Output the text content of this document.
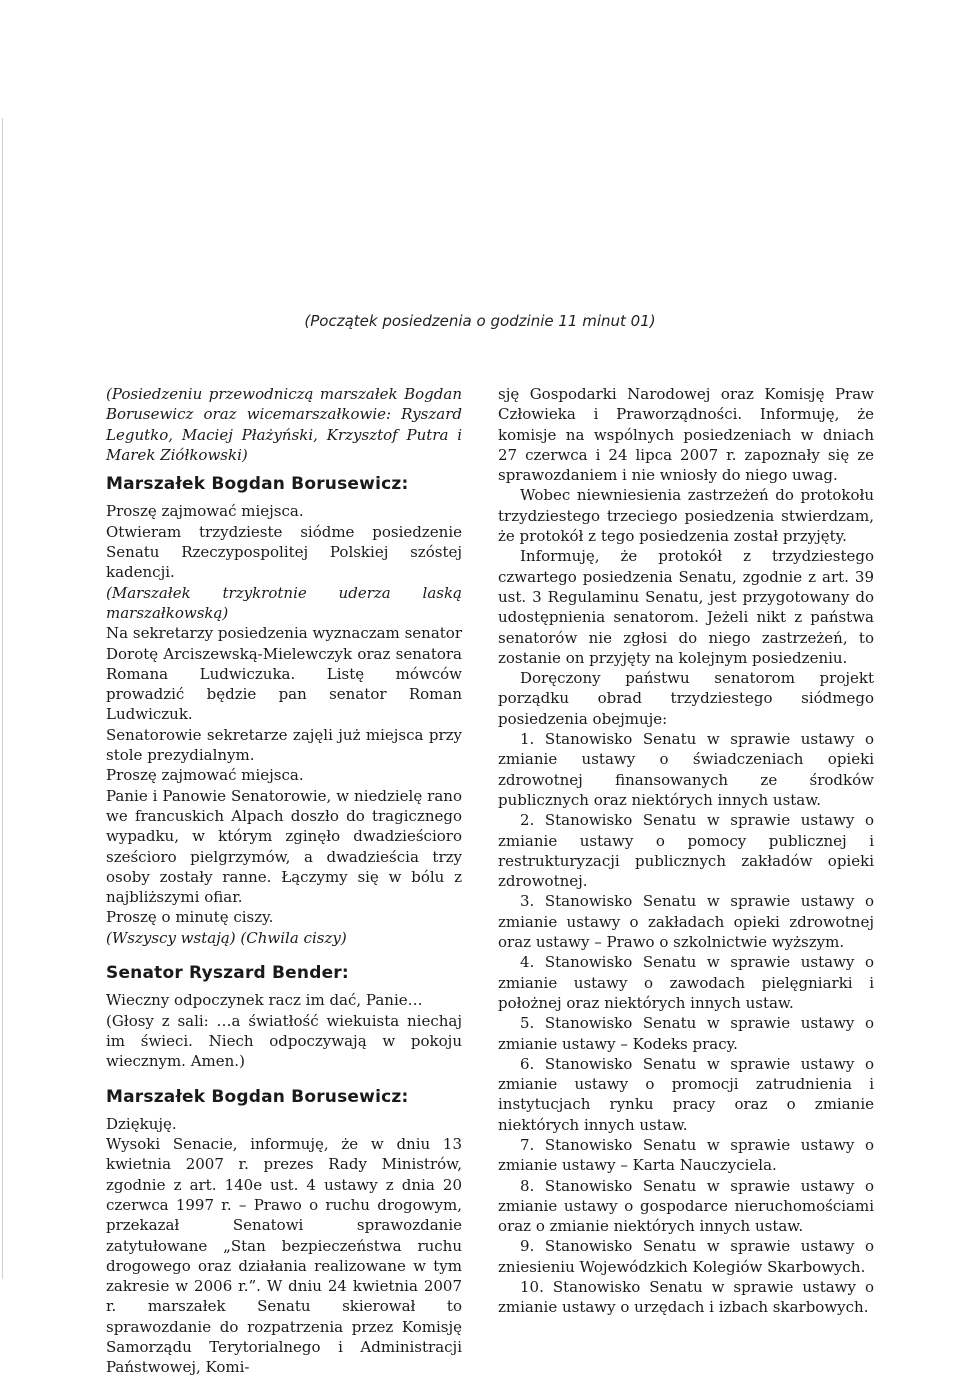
(Początek posiedzenia o godzinie 11 minut 01)

(Posiedzeniu przewodniczą marszałek Bogdan Borusewicz oraz wicemarszałkowie: Ryszard Legutko, Maciej Płażyński, Krzysztof Putra i Marek Ziółkowski)

Marszałek Bogdan Borusewicz:

Proszę zajmować miejsca.

Otwieram trzydzieste siódme posiedzenie Senatu Rzeczypospolitej Polskiej szóstej kadencji.

(Marszałek trzykrotnie uderza laską marszałkowską)

Na sekretarzy posiedzenia wyznaczam senator Dorotę Arciszewską-Mielewczyk oraz senatora Romana Ludwiczuka. Listę mówców prowadzić będzie pan senator Roman Ludwiczuk.

Senatorowie sekretarze zajęli już miejsca przy stole prezydialnym.

Proszę zajmować miejsca.

Panie i Panowie Senatorowie, w niedzielę rano we francuskich Alpach doszło do tragicznego wypadku, w którym zginęło dwadzieścioro sześcioro pielgrzymów, a dwadzieścia trzy osoby zostały ranne. Łączymy się w bólu z najbliższymi ofiar.

Proszę o minutę ciszy.

(Wszyscy wstają) (Chwila ciszy)

Senator Ryszard Bender:

Wieczny odpoczynek racz im dać, Panie…

(Głosy z sali: …a światłość wiekuista niechaj im świeci. Niech odpoczywają w pokoju wiecznym. Amen.)

Marszałek Bogdan Borusewicz:

Dziękuję.

Wysoki Senacie, informuję, że w dniu 13 kwietnia 2007 r. prezes Rady Ministrów, zgodnie z art. 140e ust. 4 ustawy z dnia 20 czerwca 1997 r. – Prawo o ruchu drogowym, przekazał Senatowi sprawozdanie zatytułowane „Stan bezpieczeństwa ruchu drogowego oraz działania realizowane w tym zakresie w 2006 r.”. W dniu 24 kwietnia 2007 r. marszałek Senatu skierował to sprawozdanie do rozpatrzenia przez Komisję Samorządu Terytorialnego i Administracji Państwowej, Komi-

sję Gospodarki Narodowej oraz Komisję Praw Człowieka i Praworządności. Informuję, że komisje na wspólnych posiedzeniach w dniach 27 czerwca i 24 lipca 2007 r. zapoznały się ze sprawozdaniem i nie wniosły do niego uwag.

Wobec niewniesienia zastrzeżeń do protokołu trzydziestego trzeciego posiedzenia stwierdzam, że protokół z tego posiedzenia został przyjęty.

Informuję, że protokół z trzydziestego czwartego posiedzenia Senatu, zgodnie z art. 39 ust. 3 Regulaminu Senatu, jest przygotowany do udostępnienia senatorom. Jeżeli nikt z państwa senatorów nie zgłosi do niego zastrzeżeń, to zostanie on przyjęty na kolejnym posiedzeniu.

Doręczony państwu senatorom projekt porządku obrad trzydziestego siódmego posiedzenia obejmuje:

1. Stanowisko Senatu w sprawie ustawy o zmianie ustawy o świadczeniach opieki zdrowotnej finansowanych ze środków publicznych oraz niektórych innych ustaw.

2. Stanowisko Senatu w sprawie ustawy o zmianie ustawy o pomocy publicznej i restrukturyzacji publicznych zakładów opieki zdrowotnej.

3. Stanowisko Senatu w sprawie ustawy o zmianie ustawy o zakładach opieki zdrowotnej oraz ustawy – Prawo o szkolnictwie wyższym.

4. Stanowisko Senatu w sprawie ustawy o zmianie ustawy o zawodach pielęgniarki i położnej oraz niektórych innych ustaw.

5. Stanowisko Senatu w sprawie ustawy o zmianie ustawy – Kodeks pracy.

6. Stanowisko Senatu w sprawie ustawy o zmianie ustawy o promocji zatrudnienia i instytucjach rynku pracy oraz o zmianie niektórych innych ustaw.

7. Stanowisko Senatu w sprawie ustawy o zmianie ustawy – Karta Nauczyciela.

8. Stanowisko Senatu w sprawie ustawy o zmianie ustawy o gospodarce nieruchomościami oraz o zmianie niektórych innych ustaw.

9. Stanowisko Senatu w sprawie ustawy o zniesieniu Wojewódzkich Kolegiów Skarbowych.

10. Stanowisko Senatu w sprawie ustawy o zmianie ustawy o urzędach i izbach skarbowych.
